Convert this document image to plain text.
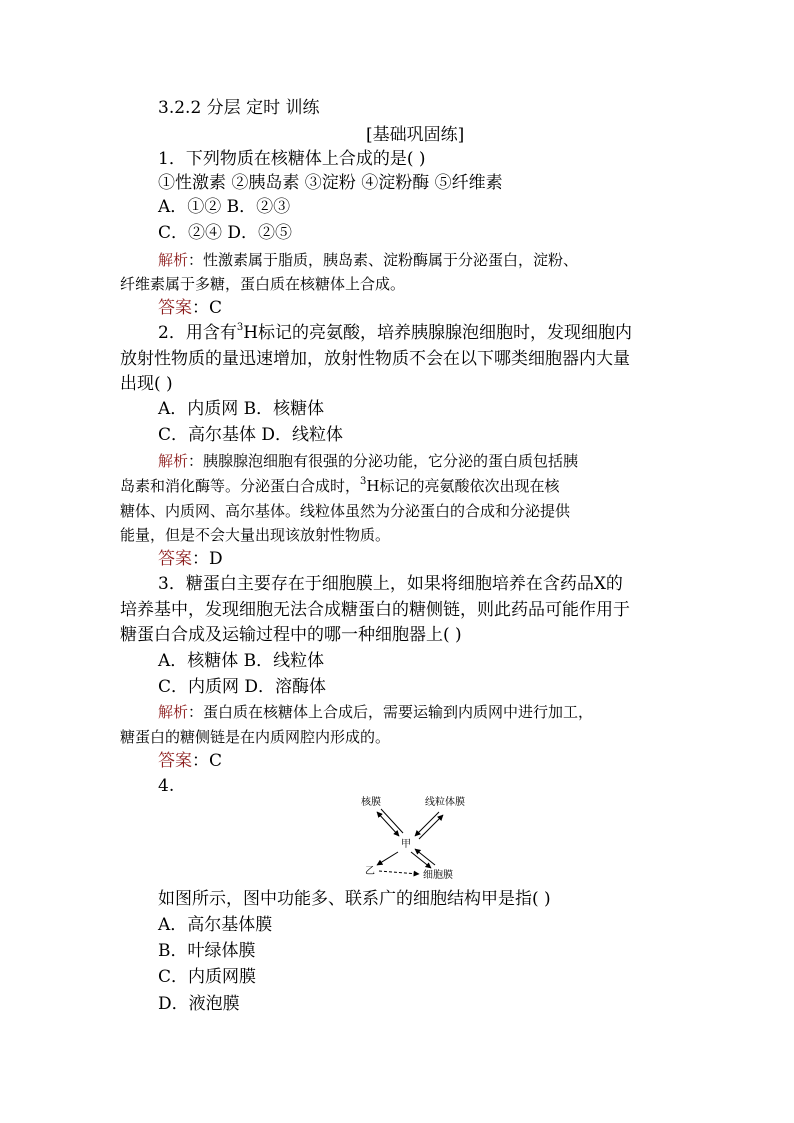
3.2.2 分层 定时 训练
[基础巩固练]
1．下列物质在核糖体上合成的是( )
①性激素 ②胰岛素 ③淀粉 ④淀粉酶 ⑤纤维素
A．①② B．②③
C．②④ D．②⑤
解析：性激素属于脂质，胰岛素、淀粉酶属于分泌蛋白，淀粉、
纤维素属于多糖，蛋白质在核糖体上合成。
答案：C
2．用含有$^3$H标记的亮氨酸，培养胰腺腺泡细胞时，发现细胞内
放射性物质的量迅速增加，放射性物质不会在以下哪类细胞器内大量
出现( )
A．内质网 B．核糖体
C．高尔基体 D．线粒体
解析：胰腺腺泡细胞有很强的分泌功能，它分泌的蛋白质包括胰
岛素和消化酶等。分泌蛋白合成时，$^3$H标记的亮氨酸依次出现在核
糖体、内质网、高尔基体。线粒体虽然为分泌蛋白的合成和分泌提供
能量，但是不会大量出现该放射性物质。
答案：D
3．糖蛋白主要存在于细胞膜上，如果将细胞培养在含药品X的
培养基中，发现细胞无法合成糖蛋白的糖侧链，则此药品可能作用于
糖蛋白合成及运输过程中的哪一种细胞器上( )
A．核糖体 B．线粒体
C．内质网 D．溶酶体
解析：蛋白质在核糖体上合成后，需要运输到内质网中进行加工，
糖蛋白的糖侧链是在内质网腔内形成的。
答案：C
4.
核膜	线粒体膜
甲
乙	细胞膜
如图所示，图中功能多、联系广的细胞结构甲是指( )
A．高尔基体膜
B．叶绿体膜
C．内质网膜
D．液泡膜
